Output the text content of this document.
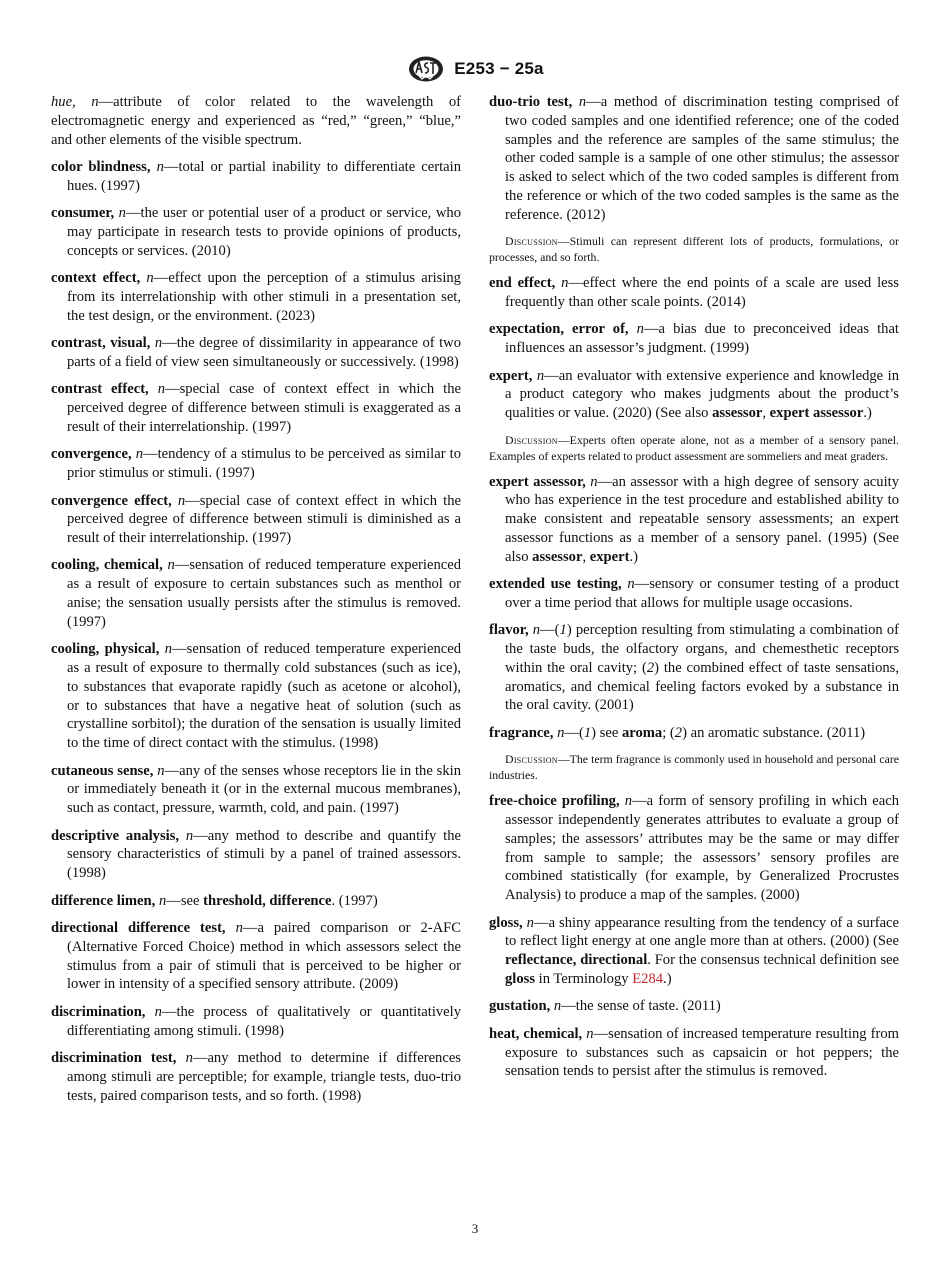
E253 − 25a

hue, n—attribute of color related to the wavelength of electromagnetic energy and experienced as “red,” “green,” “blue,” and other elements of the visible spectrum.

color blindness, n—total or partial inability to differentiate certain hues. (1997)

consumer, n—the user or potential user of a product or service, who may participate in research tests to provide opinions of products, concepts or services. (2010)

context effect, n—effect upon the perception of a stimulus arising from its interrelationship with other stimuli in a presentation set, the test design, or the environment. (2023)

contrast, visual, n—the degree of dissimilarity in appearance of two parts of a field of view seen simultaneously or successively. (1998)

contrast effect, n—special case of context effect in which the perceived degree of difference between stimuli is exaggerated as a result of their interrelationship. (1997)

convergence, n—tendency of a stimulus to be perceived as similar to prior stimulus or stimuli. (1997)

convergence effect, n—special case of context effect in which the perceived degree of difference between stimuli is diminished as a result of their interrelationship. (1997)

cooling, chemical, n—sensation of reduced temperature experienced as a result of exposure to certain substances such as menthol or anise; the sensation usually persists after the stimulus is removed. (1997)

cooling, physical, n—sensation of reduced temperature experienced as a result of exposure to thermally cold substances (such as ice), to substances that evaporate rapidly (such as acetone or alcohol), or to substances that have a negative heat of solution (such as crystalline sorbitol); the duration of the sensation is usually limited to the time of direct contact with the stimulus. (1998)

cutaneous sense, n—any of the senses whose receptors lie in the skin or immediately beneath it (or in the external mucous membranes), such as contact, pressure, warmth, cold, and pain. (1997)

descriptive analysis, n—any method to describe and quantify the sensory characteristics of stimuli by a panel of trained assessors. (1998)

difference limen, n—see threshold, difference. (1997)

directional difference test, n—a paired comparison or 2-AFC (Alternative Forced Choice) method in which assessors select the stimulus from a pair of stimuli that is perceived to be higher or lower in intensity of a specified sensory attribute. (2009)

discrimination, n—the process of qualitatively or quantitatively differentiating among stimuli. (1998)

discrimination test, n—any method to determine if differences among stimuli are perceptible; for example, triangle tests, duo-trio tests, paired comparison tests, and so forth. (1998)

duo-trio test, n—a method of discrimination testing comprised of two coded samples and one identified reference; one of the coded samples and the reference are samples of the same stimulus; the other coded sample is a sample of one other stimulus; the assessor is asked to select which of the two coded samples is different from the reference or which of the two coded samples is the same as the reference. (2012)

Discussion—Stimuli can represent different lots of products, formulations, or processes, and so forth.

end effect, n—effect where the end points of a scale are used less frequently than other scale points. (2014)

expectation, error of, n—a bias due to preconceived ideas that influences an assessor’s judgment. (1999)

expert, n—an evaluator with extensive experience and knowledge in a product category who makes judgments about the product’s qualities or value. (2020) (See also assessor, expert assessor.)

Discussion—Experts often operate alone, not as a member of a sensory panel. Examples of experts related to product assessment are sommeliers and meat graders.

expert assessor, n—an assessor with a high degree of sensory acuity who has experience in the test procedure and established ability to make consistent and repeatable sensory assessments; an expert assessor functions as a member of a sensory panel. (1995) (See also assessor, expert.)

extended use testing, n—sensory or consumer testing of a product over a time period that allows for multiple usage occasions.

flavor, n—(1) perception resulting from stimulating a combination of the taste buds, the olfactory organs, and chemesthetic receptors within the oral cavity; (2) the combined effect of taste sensations, aromatics, and chemical feeling factors evoked by a substance in the oral cavity. (2001)

fragrance, n—(1) see aroma; (2) an aromatic substance. (2011)

Discussion—The term fragrance is commonly used in household and personal care industries.

free-choice profiling, n—a form of sensory profiling in which each assessor independently generates attributes to evaluate a group of samples; the assessors’ attributes may be the same or may differ from sample to sample; the assessors’ sensory profiles are combined statistically (for example, by Generalized Procrustes Analysis) to produce a map of the samples. (2000)

gloss, n—a shiny appearance resulting from the tendency of a surface to reflect light energy at one angle more than at others. (2000) (See reflectance, directional. For the consensus technical definition see gloss in Terminology E284.)

gustation, n—the sense of taste. (2011)

heat, chemical, n—sensation of increased temperature resulting from exposure to substances such as capsaicin or hot peppers; the sensation tends to persist after the stimulus is removed.

3
